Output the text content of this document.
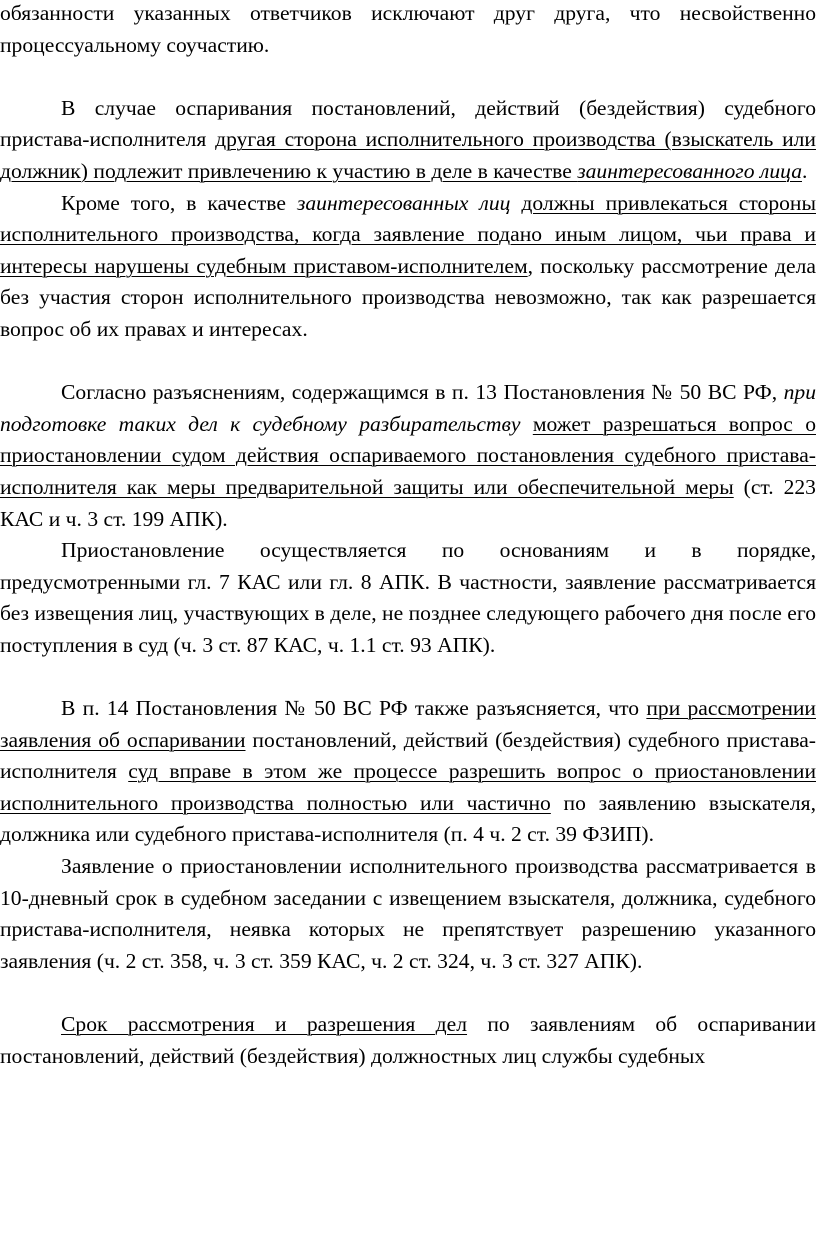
обязанности указанных ответчиков исключают друг друга, что несвойственно процессуальному соучастию.

В случае оспаривания постановлений, действий (бездействия) судебного пристава-исполнителя другая сторона исполнительного производства (взыскатель или должник) подлежит привлечению к участию в деле в качестве заинтересованного лица.

Кроме того, в качестве заинтересованных лиц должны привлекаться стороны исполнительного производства, когда заявление подано иным лицом, чьи права и интересы нарушены судебным приставом-исполнителем, поскольку рассмотрение дела без участия сторон исполнительного производства невозможно, так как разрешается вопрос об их правах и интересах.

Согласно разъяснениям, содержащимся в п. 13 Постановления № 50 ВС РФ, при подготовке таких дел к судебному разбирательству может разрешаться вопрос о приостановлении судом действия оспариваемого постановления судебного пристава-исполнителя как меры предварительной защиты или обеспечительной меры (ст. 223 КАС и ч. 3 ст. 199 АПК).

Приостановление осуществляется по основаниям и в порядке, предусмотренными гл. 7 КАС или гл. 8 АПК. В частности, заявление рассматривается без извещения лиц, участвующих в деле, не позднее следующего рабочего дня после его поступления в суд (ч. 3 ст. 87 КАС, ч. 1.1 ст. 93 АПК).

В п. 14 Постановления № 50 ВС РФ также разъясняется, что при рассмотрении заявления об оспаривании постановлений, действий (бездействия) судебного пристава-исполнителя суд вправе в этом же процессе разрешить вопрос о приостановлении исполнительного производства полностью или частично по заявлению взыскателя, должника или судебного пристава-исполнителя (п. 4 ч. 2 ст. 39 ФЗИП).

Заявление о приостановлении исполнительного производства рассматривается в 10-дневный срок в судебном заседании с извещением взыскателя, должника, судебного пристава-исполнителя, неявка которых не препятствует разрешению указанного заявления (ч. 2 ст. 358, ч. 3 ст. 359 КАС, ч. 2 ст. 324, ч. 3 ст. 327 АПК).

Срок рассмотрения и разрешения дел по заявлениям об оспаривании постановлений, действий (бездействия) должностных лиц службы судебных
